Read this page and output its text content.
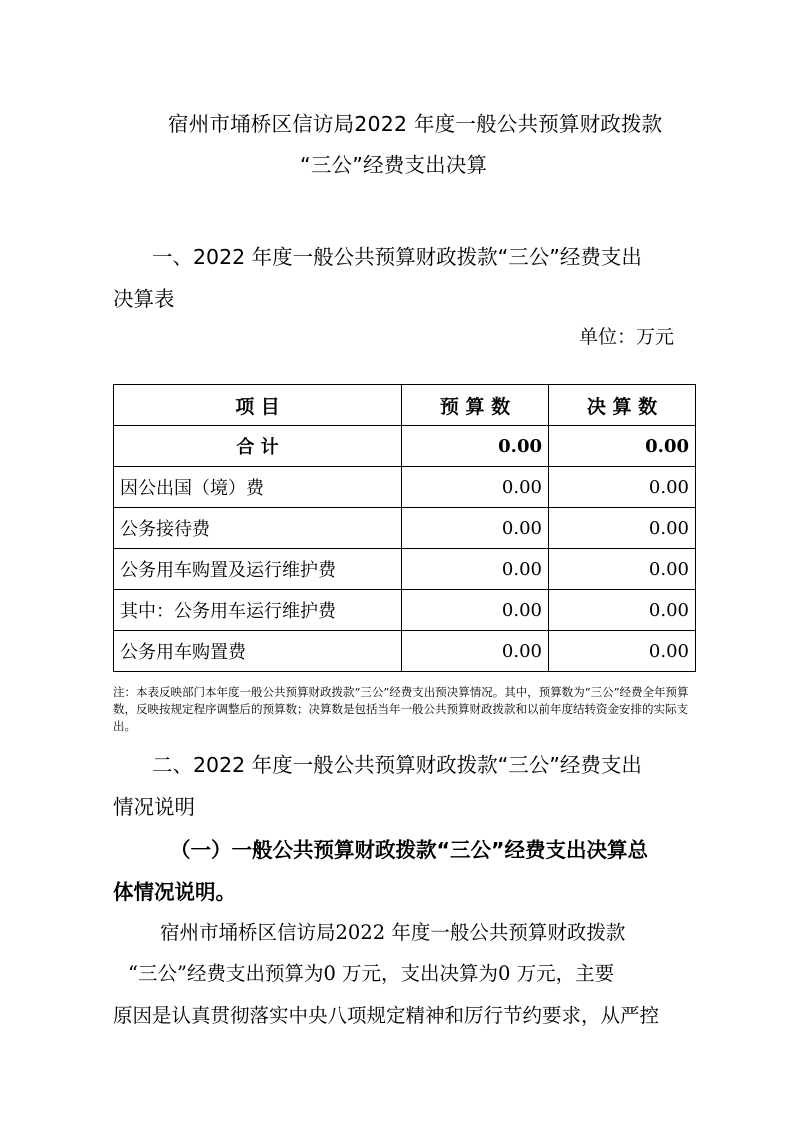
宿州市埇桥区信访局2022 年度一般公共预算财政拨款
“三公”经费支出决算
一、2022 年度一般公共预算财政拨款“三公”经费支出
决算表
单位：万元
项 目	预 算 数	决 算 数
合 计	0.00	0.00
因公出国（境）费	0.00	0.00
公务接待费	0.00	0.00
公务用车购置及运行维护费	0.00	0.00
其中：公务用车运行维护费	0.00	0.00
公务用车购置费	0.00	0.00
注：本表反映部门本年度一般公共预算财政拨款“三公”经费支出预决算情况。其中，预算数为“三公”经费全年预算数，反映按规定程序调整后的预算数；决算数是包括当年一般公共预算财政拨款和以前年度结转资金安排的实际支出。
二、2022 年度一般公共预算财政拨款“三公”经费支出
情况说明
（一）一般公共预算财政拨款“三公”经费支出决算总
体情况说明。
宿州市埇桥区信访局2022 年度一般公共预算财政拨款
“三公”经费支出预算为0 万元，支出决算为0 万元，主要
原因是认真贯彻落实中央八项规定精神和厉行节约要求，从严控
